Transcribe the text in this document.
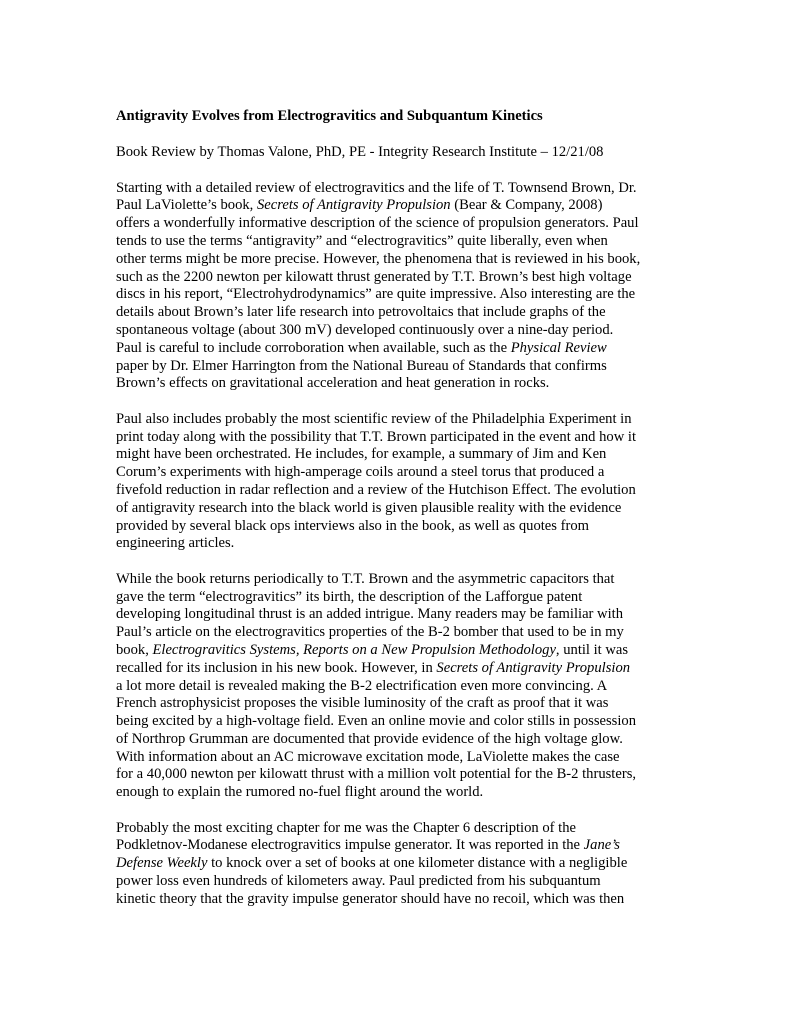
Antigravity Evolves from Electrogravitics and Subquantum Kinetics
Book Review by Thomas Valone, PhD, PE - Integrity Research Institute – 12/21/08
Starting with a detailed review of electrogravitics and the life of T. Townsend Brown, Dr.
Paul LaViolette’s book, Secrets of Antigravity Propulsion (Bear & Company, 2008)
offers a wonderfully informative description of the science of propulsion generators. Paul
tends to use the terms “antigravity” and “electrogravitics” quite liberally, even when
other terms might be more precise. However, the phenomena that is reviewed in his book,
such as the 2200 newton per kilowatt thrust generated by T.T. Brown’s best high voltage
discs in his report, “Electrohydrodynamics” are quite impressive. Also interesting are the
details about Brown’s later life research into petrovoltaics that include graphs of the
spontaneous voltage (about 300 mV) developed continuously over a nine-day period.
Paul is careful to include corroboration when available, such as the Physical Review
paper by Dr. Elmer Harrington from the National Bureau of Standards that confirms
Brown’s effects on gravitational acceleration and heat generation in rocks.
Paul also includes probably the most scientific review of the Philadelphia Experiment in
print today along with the possibility that T.T. Brown participated in the event and how it
might have been orchestrated. He includes, for example, a summary of Jim and Ken
Corum’s experiments with high-amperage coils around a steel torus that produced a
fivefold reduction in radar reflection and a review of the Hutchison Effect. The evolution
of antigravity research into the black world is given plausible reality with the evidence
provided by several black ops interviews also in the book, as well as quotes from
engineering articles.
While the book returns periodically to T.T. Brown and the asymmetric capacitors that
gave the term “electrogravitics” its birth, the description of the Lafforgue patent
developing longitudinal thrust is an added intrigue. Many readers may be familiar with
Paul’s article on the electrogravitics properties of the B-2 bomber that used to be in my
book, Electrogravitics Systems, Reports on a New Propulsion Methodology, until it was
recalled for its inclusion in his new book. However, in Secrets of Antigravity Propulsion
a lot more detail is revealed making the B-2 electrification even more convincing. A
French astrophysicist proposes the visible luminosity of the craft as proof that it was
being excited by a high-voltage field. Even an online movie and color stills in possession
of Northrop Grumman are documented that provide evidence of the high voltage glow.
With information about an AC microwave excitation mode, LaViolette makes the case
for a 40,000 newton per kilowatt thrust with a million volt potential for the B-2 thrusters,
enough to explain the rumored no-fuel flight around the world.
Probably the most exciting chapter for me was the Chapter 6 description of the
Podkletnov-Modanese electrogravitics impulse generator. It was reported in the Jane’s
Defense Weekly to knock over a set of books at one kilometer distance with a negligible
power loss even hundreds of kilometers away. Paul predicted from his subquantum
kinetic theory that the gravity impulse generator should have no recoil, which was then
